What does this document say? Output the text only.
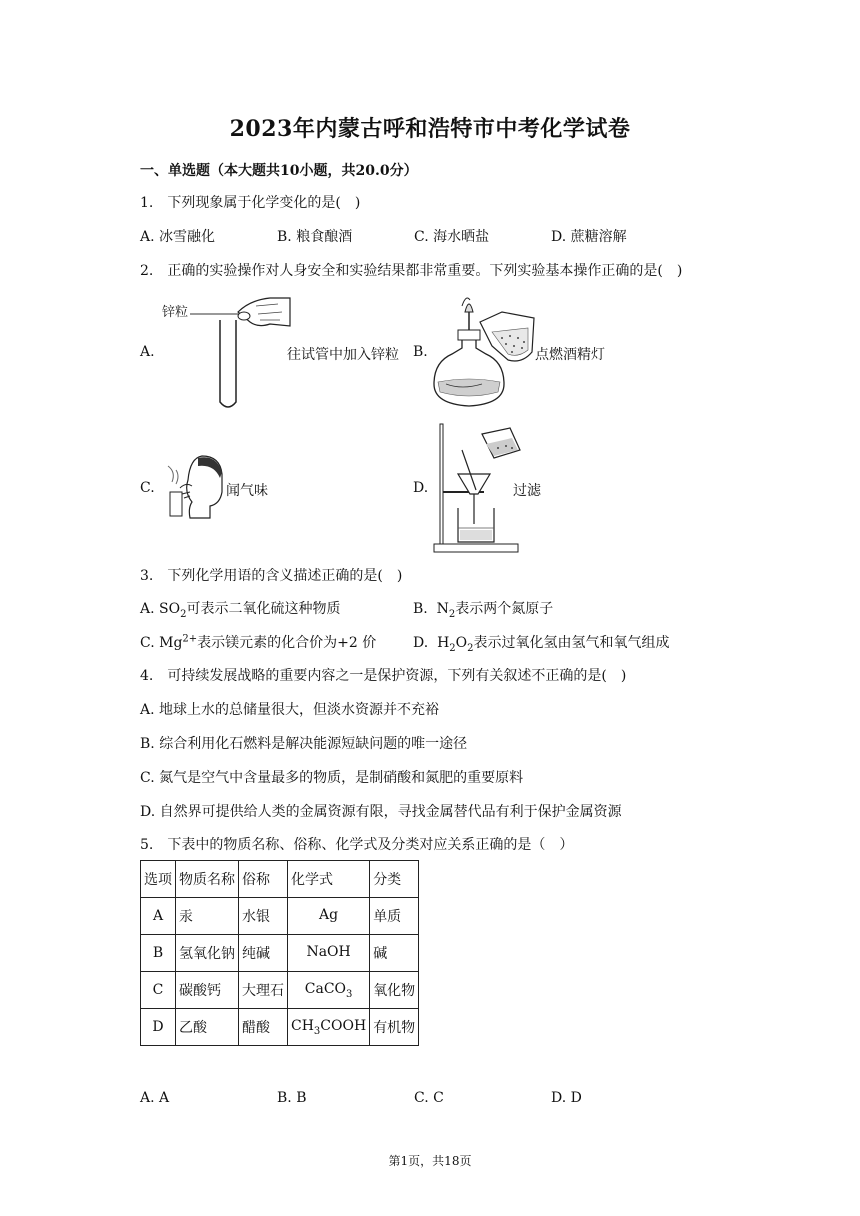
2023年内蒙古呼和浩特市中考化学试卷
一、单选题（本大题共10小题，共20.0分）
1.　下列现象属于化学变化的是(　)
A. 冰雪融化	B. 粮食酿酒	C. 海水晒盐	D. 蔗糖溶解
2.　正确的实验操作对人身安全和实验结果都非常重要。下列实验基本操作正确的是(　)
A.
锌粒
往试管中加入锌粒 B.	点燃酒精灯
C.	闻气味	D.	过滤
3.　下列化学用语的含义描述正确的是(　)
A. $SO_2$可表示二氧化硫这种物质	B.  $N_2$表示两个氮原子
C. $Mg^{2+}$表示镁元素的化合价为+2 价	D.  $H_2O_2$表示过氧化氢由氢气和氧气组成
4.　可持续发展战略的重要内容之一是保护资源，下列有关叙述不正确的是(　)
A. 地球上水的总储量很大，但淡水资源并不充裕
B. 综合利用化石燃料是解决能源短缺问题的唯一途径
C. 氮气是空气中含量最多的物质，是制硝酸和氮肥的重要原料
D. 自然界可提供给人类的金属资源有限，寻找金属替代品有利于保护金属资源
5.　下表中的物质名称、俗称、化学式及分类对应关系正确的是（　）
选项	物质名称	俗称	化学式	分类
A	汞	水银	Ag	单质
B	氢氧化钠	纯碱	NaOH	碱
C	碳酸钙	大理石	CaCO$_3$	氧化物
D	乙酸	醋酸	$CH_3COOH$	有机物
A. A	B. B	C. C	D. D
第1页，共18页
